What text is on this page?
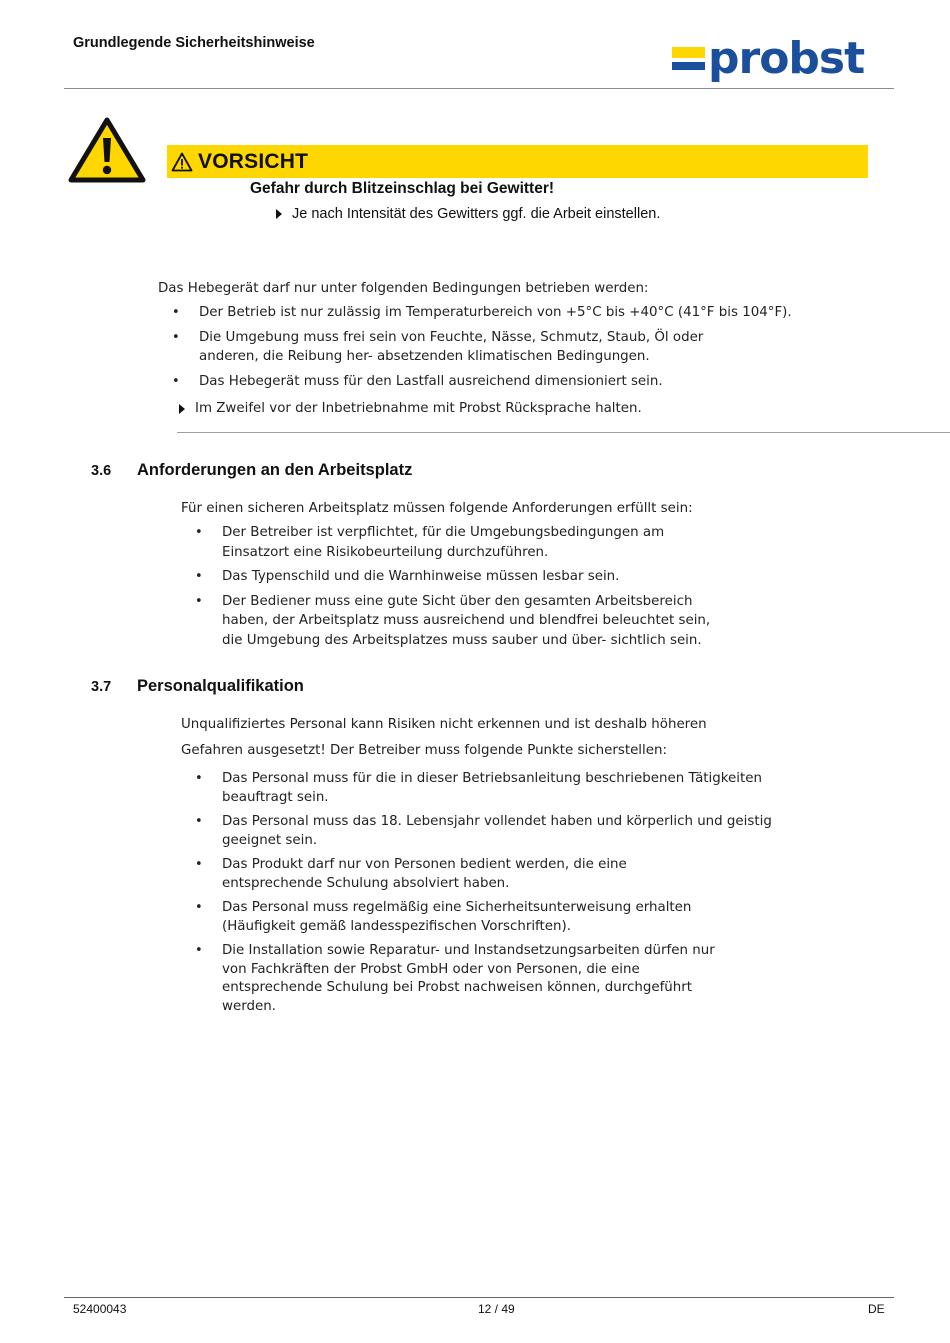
Grundlegende Sicherheitshinweise	probst
VORSICHT
Gefahr durch Blitzeinschlag bei Gewitter!
Je nach Intensität des Gewitters ggf. die Arbeit einstellen.
Das Hebegerät darf nur unter folgenden Bedingungen betrieben werden:
• Der Betrieb ist nur zulässig im Temperaturbereich von +5°C bis +40°C (41°F bis 104°F).
• Die Umgebung muss frei sein von Feuchte, Nässe, Schmutz, Staub, Öl oder
anderen, die Reibung her- absetzenden klimatischen Bedingungen.
• Das Hebegerät muss für den Lastfall ausreichend dimensioniert sein.
Im Zweifel vor der Inbetriebnahme mit Probst Rücksprache halten.
3.6 Anforderungen an den Arbeitsplatz
Für einen sicheren Arbeitsplatz müssen folgende Anforderungen erfüllt sein:
• Der Betreiber ist verpflichtet, für die Umgebungsbedingungen am
Einsatzort eine Risikobeurteilung durchzuführen.
• Das Typenschild und die Warnhinweise müssen lesbar sein.
• Der Bediener muss eine gute Sicht über den gesamten Arbeitsbereich
haben, der Arbeitsplatz muss ausreichend und blendfrei beleuchtet sein,
die Umgebung des Arbeitsplatzes muss sauber und über- sichtlich sein.
3.7 Personalqualifikation
Unqualifiziertes Personal kann Risiken nicht erkennen und ist deshalb höheren
Gefahren ausgesetzt! Der Betreiber muss folgende Punkte sicherstellen:
• Das Personal muss für die in dieser Betriebsanleitung beschriebenen Tätigkeiten
beauftragt sein.
• Das Personal muss das 18. Lebensjahr vollendet haben und körperlich und geistig
geeignet sein.
• Das Produkt darf nur von Personen bedient werden, die eine
entsprechende Schulung absolviert haben.
• Das Personal muss regelmäßig eine Sicherheitsunterweisung erhalten
(Häufigkeit gemäß landesspezifischen Vorschriften).
• Die Installation sowie Reparatur- und Instandsetzungsarbeiten dürfen nur
von Fachkräften der Probst GmbH oder von Personen, die eine
entsprechende Schulung bei Probst nachweisen können, durchgeführt
werden.
52400043	12 / 49	DE
